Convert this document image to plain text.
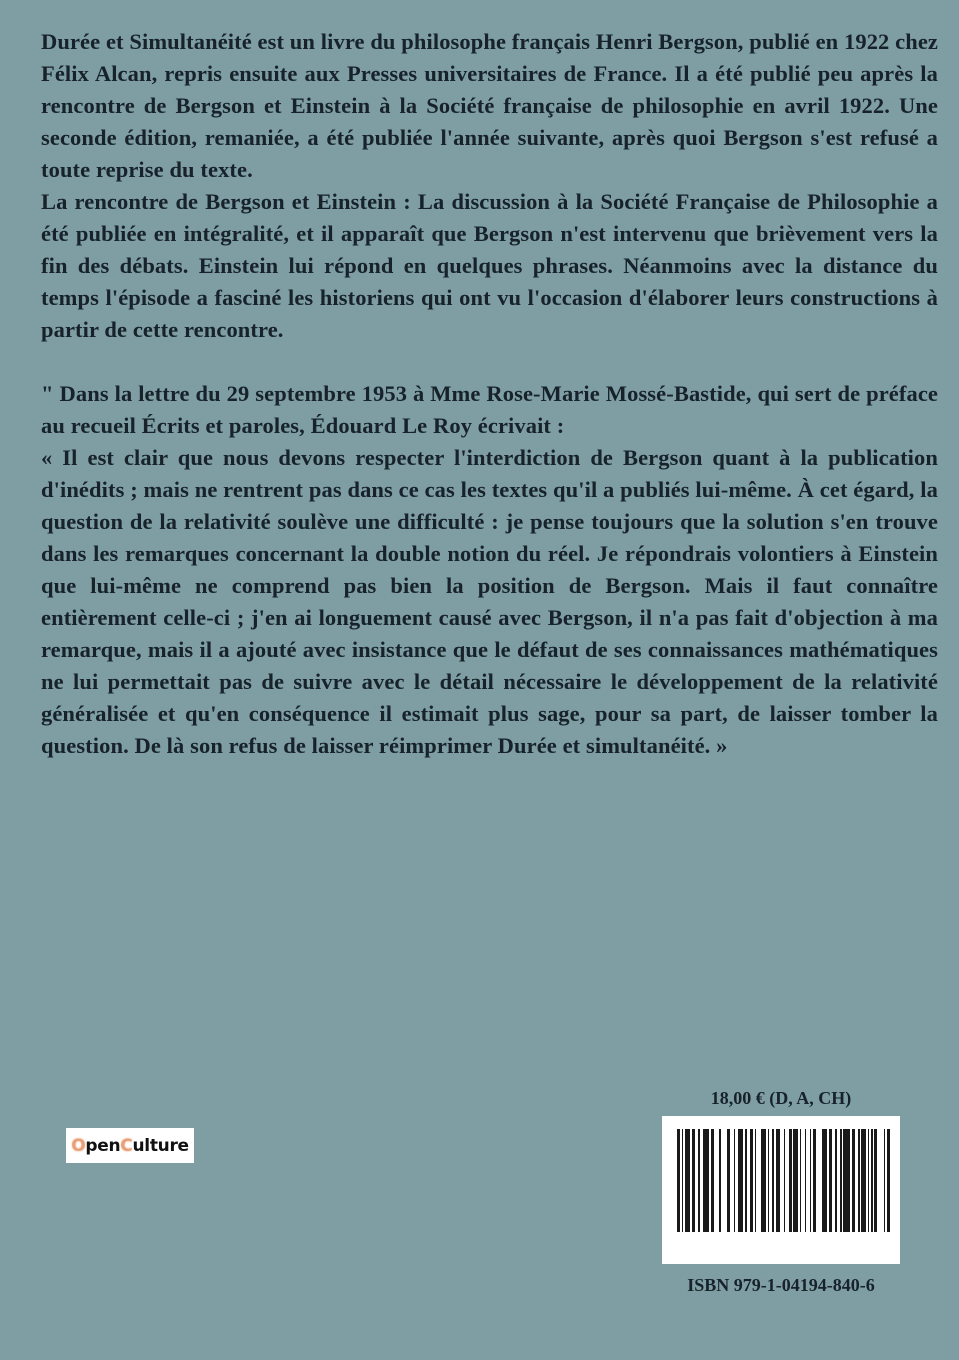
Durée et Simultanéité est un livre du philosophe français Henri Bergson, publié en 1922 chez Félix Alcan, repris ensuite aux Presses universitaires de France. Il a été publié peu après la rencontre de Bergson et Einstein à la Société française de philosophie en avril 1922. Une seconde édition, remaniée, a été publiée l'année suivante, après quoi Bergson s'est refusé a toute reprise du texte.

La rencontre de Bergson et Einstein : La discussion à la Société Française de Philosophie a été publiée en intégralité, et il apparaît que Bergson n'est intervenu que brièvement vers la fin des débats. Einstein lui répond en quelques phrases. Néanmoins avec la distance du temps l'épisode a fasciné les historiens qui ont vu l'occasion d'élaborer leurs constructions à partir de cette rencontre.

" Dans la lettre du 29 septembre 1953 à Mme Rose-Marie Mossé-Bastide, qui sert de préface au recueil Écrits et paroles, Édouard Le Roy écrivait :

« Il est clair que nous devons respecter l'interdiction de Bergson quant à la publication d'inédits ; mais ne rentrent pas dans ce cas les textes qu'il a publiés lui-même. À cet égard, la question de la relativité soulève une difficulté : je pense toujours que la solution s'en trouve dans les remarques concernant la double notion du réel. Je répondrais volontiers à Einstein que lui-même ne comprend pas bien la position de Bergson. Mais il faut connaître entièrement celle-ci ; j'en ai longuement causé avec Bergson, il n'a pas fait d'objection à ma remarque, mais il a ajouté avec insistance que le défaut de ses connaissances mathématiques ne lui permettait pas de suivre avec le détail nécessaire le développement de la relativité généralisée et qu'en conséquence il estimait plus sage, pour sa part, de laisser tomber la question. De là son refus de laisser réimprimer Durée et simultanéité. »

O pen C ulture
18,00 € (D, A, CH)
ISBN 979-1-04194-840-6
